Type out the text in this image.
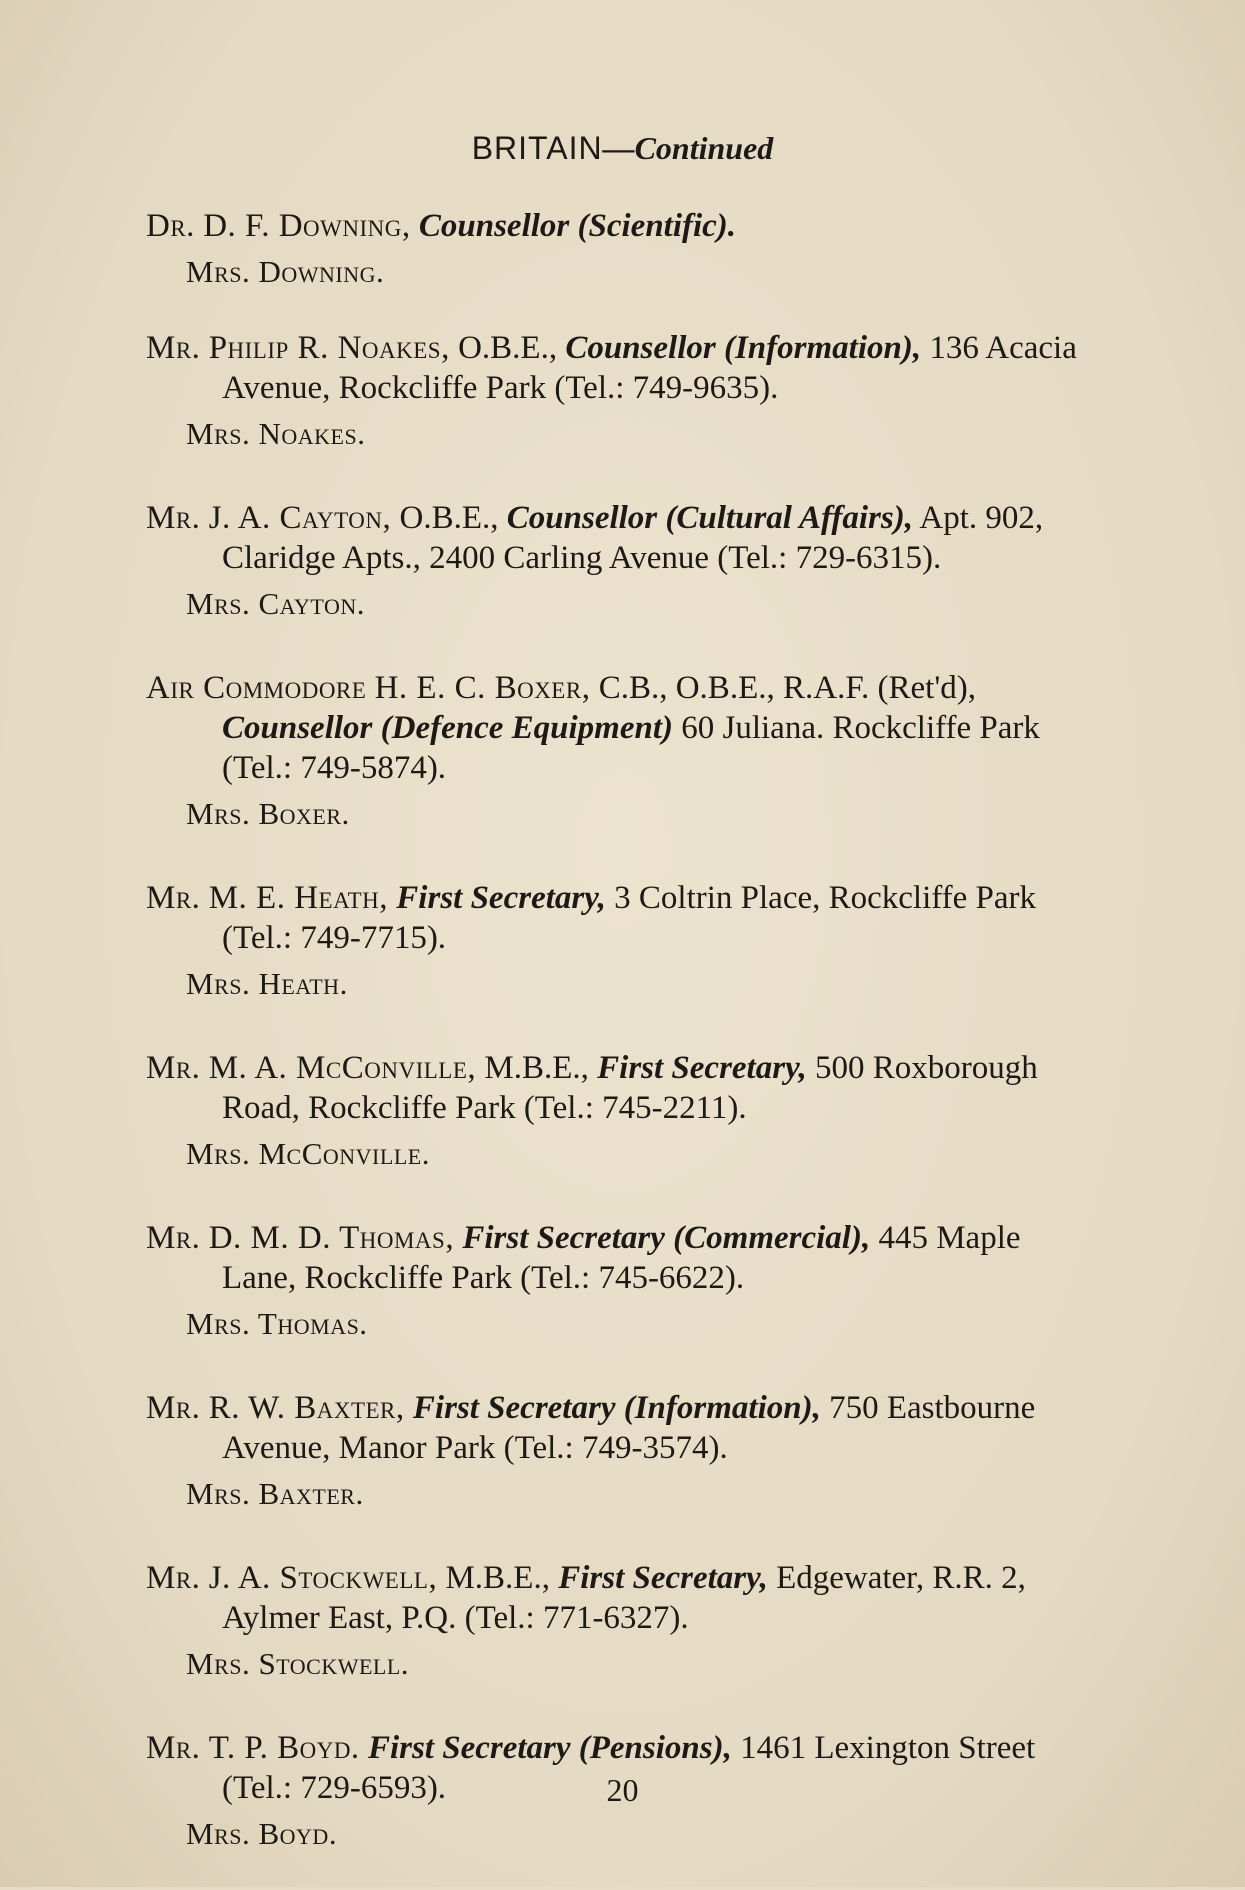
BRITAIN—Continued
Dr. D. F. Downing, Counsellor (Scientific).
Mrs. Downing.
Mr. Philip R. Noakes, O.B.E., Counsellor (Information), 136 Acacia Avenue, Rockcliffe Park (Tel.: 749-9635).
Mrs. Noakes.
Mr. J. A. Cayton, O.B.E., Counsellor (Cultural Affairs), Apt. 902, Claridge Apts., 2400 Carling Avenue (Tel.: 729-6315).
Mrs. Cayton.
Air Commodore H. E. C. Boxer, C.B., O.B.E., R.A.F. (Ret'd), Counsellor (Defence Equipment) 60 Juliana. Rockcliffe Park (Tel.: 749-5874).
Mrs. Boxer.
Mr. M. E. Heath, First Secretary, 3 Coltrin Place, Rockcliffe Park (Tel.: 749-7715).
Mrs. Heath.
Mr. M. A. McConville, M.B.E., First Secretary, 500 Roxborough Road, Rockcliffe Park (Tel.: 745-2211).
Mrs. McConville.
Mr. D. M. D. Thomas, First Secretary (Commercial), 445 Maple Lane, Rockcliffe Park (Tel.: 745-6622).
Mrs. Thomas.
Mr. R. W. Baxter, First Secretary (Information), 750 Eastbourne Avenue, Manor Park (Tel.: 749-3574).
Mrs. Baxter.
Mr. J. A. Stockwell, M.B.E., First Secretary, Edgewater, R.R. 2, Aylmer East, P.Q. (Tel.: 771-6327).
Mrs. Stockwell.
Mr. T. P. Boyd. First Secretary (Pensions), 1461 Lexington Street (Tel.: 729-6593).
Mrs. Boyd.
20
